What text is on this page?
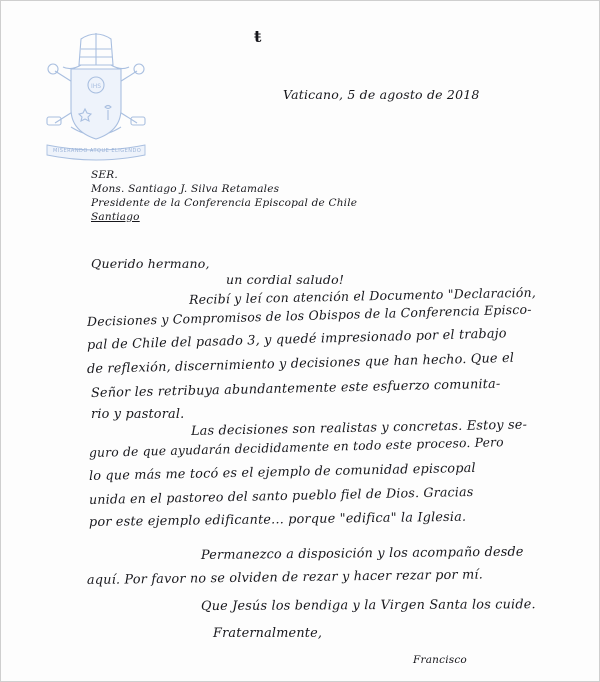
IHS
MISERANDO ATQUE ELIGENDO
ŧ
Vaticano, 5 de agosto de 2018
SER.
Mons. Santiago J. Silva Retamales
Presidente de la Conferencia Episcopal de Chile
Santiago
Querido hermano,
un cordial saludo!
Recibí y leí con atención el Documento "Declaración,
Decisiones y Compromisos de los Obispos de la Conferencia Episco-
pal de Chile del pasado 3, y quedé impresionado por el trabajo
de reflexión, discernimiento y decisiones que han hecho. Que el
Señor les retribuya abundantemente este esfuerzo comunita-
rio y pastoral.
Las decisiones son realistas y concretas. Estoy se-
guro de que ayudarán decididamente en todo este proceso. Pero
lo que más me tocó es el ejemplo de comunidad episcopal
unida en el pastoreo del santo pueblo fiel de Dios. Gracias
por este ejemplo edificante... porque "edifica" la Iglesia.
Permanezco a disposición y los acompaño desde
aquí. Por favor no se olviden de rezar y hacer rezar por mí.
Que Jesús los bendiga y la Virgen Santa los cuide.
Fraternalmente,
Francisco
